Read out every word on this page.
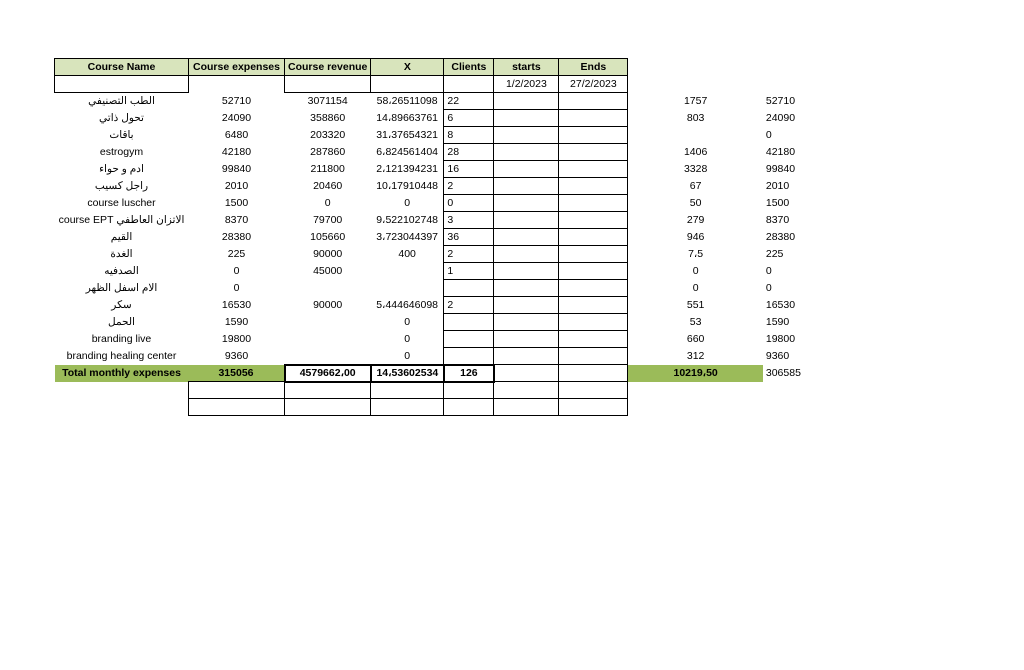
Course Name	Course expenses	Course revenue	X	Clients	starts	Ends		
					1/2/2023	27/2/2023		
الطب التصنيفي	52710	3071154	58،26511098	22			1757	52710
تحول ذاتي	24090	358860	14،89663761	6			803	24090
باقات	6480	203320	31،37654321	8				0
estrogym	42180	287860	6،824561404	28			1406	42180
ادم و حواء	99840	211800	2،121394231	16			3328	99840
راجل كسيب	2010	20460	10،17910448	2			67	2010
course luscher	1500	0	0	0			50	1500
الاتزان العاطفي course EPT	8370	79700	9،522102748	3			279	8370
القيم	28380	105660	3،723044397	36			946	28380
الغدة	225	90000	400	2			7،5	225
الصدفيه	0	45000		1			0	0
الام اسفل الظهر	0						0	0
سكر	16530	90000	5،444646098	2			551	16530
الحمل	1590		0				53	1590
branding live	19800		0				660	19800
branding healing center	9360		0				312	9360
Total monthly expenses	315056	4579662،00	14،53602534	126			10219،50	306585
